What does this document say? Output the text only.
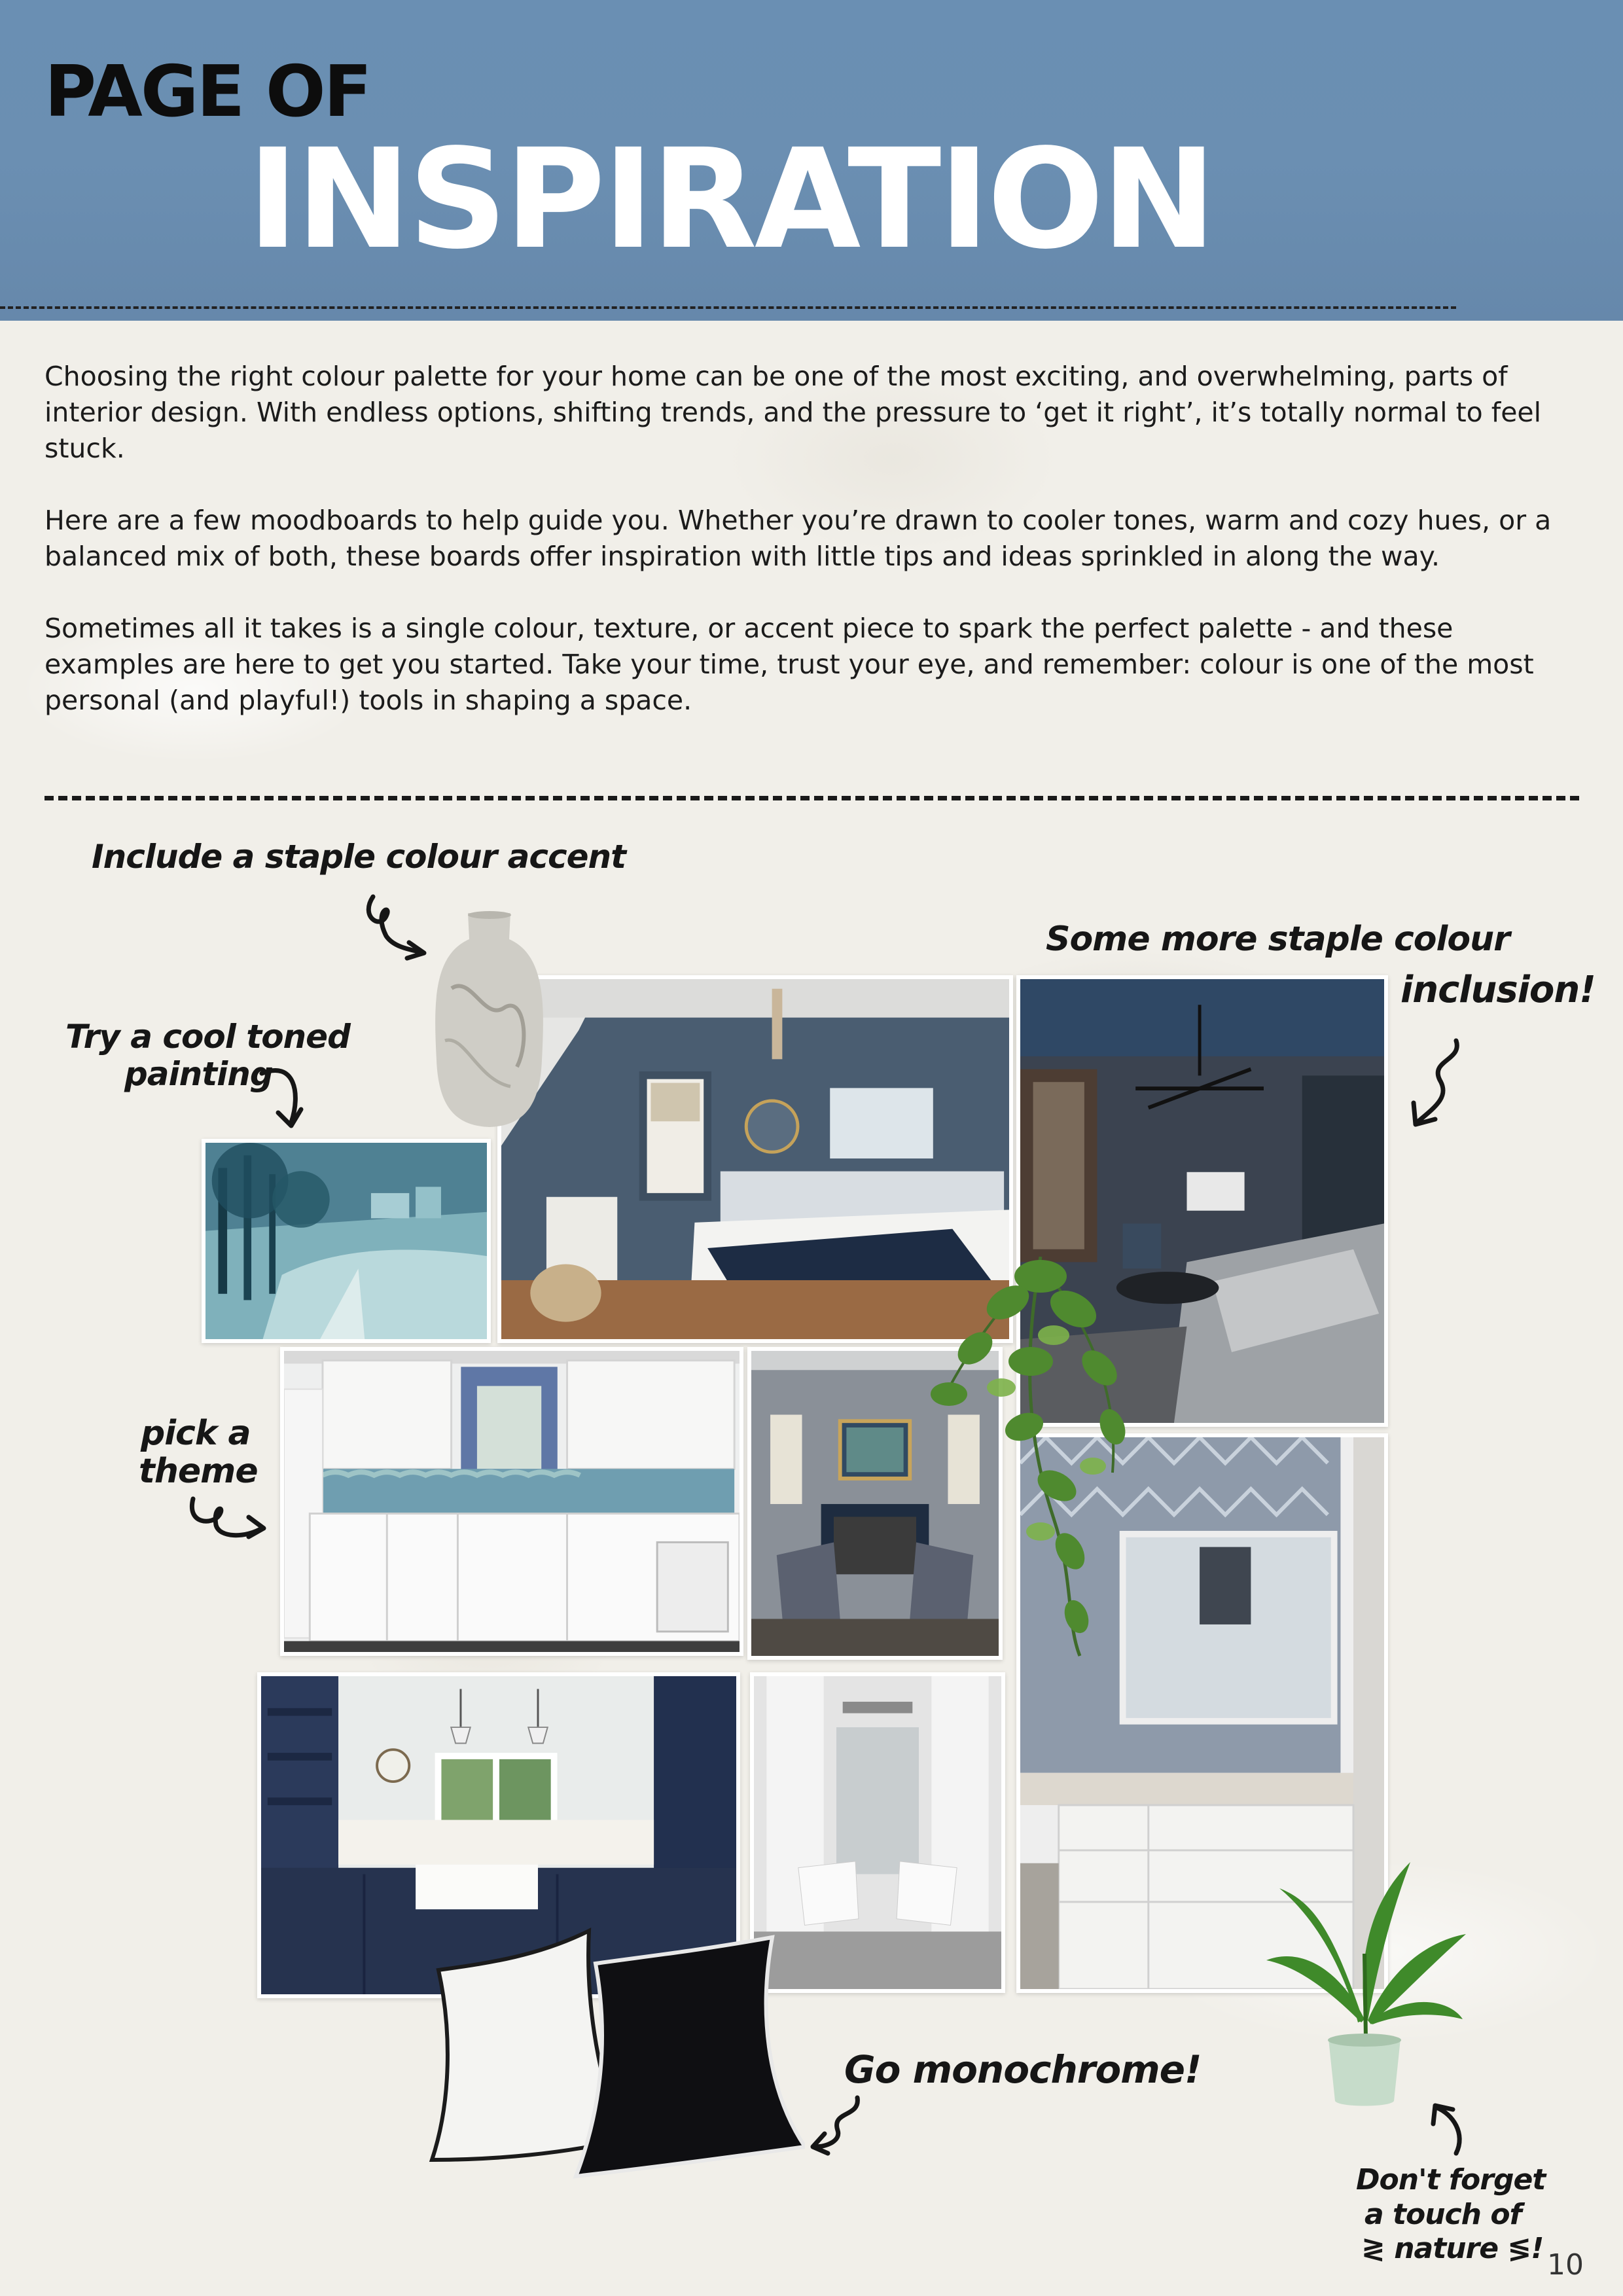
PAGE OF
INSPIRATION

Choosing the right colour palette for your home can be one of the most exciting, and overwhelming, parts of interior design. With endless options, shifting trends, and the pressure to ‘get it right’, it’s totally normal to feel stuck.

Here are a few moodboards to help guide you. Whether you’re drawn to cooler tones, warm and cozy hues, or a balanced mix of both, these boards offer inspiration with little tips and ideas sprinkled in along the way.

Sometimes all it takes is a single colour, texture, or accent piece to spark the perfect palette - and these examples are here to get you started. Take your time, trust your eye, and remember: colour is one of the most personal (and playful!) tools in shaping a space.

Include a staple colour accent
Try a cool toned
painting
Some more staple colour
inclusion!
pick a
theme
Go monochrome!
Don't forget
a touch of
≷ nature ≶! 10
